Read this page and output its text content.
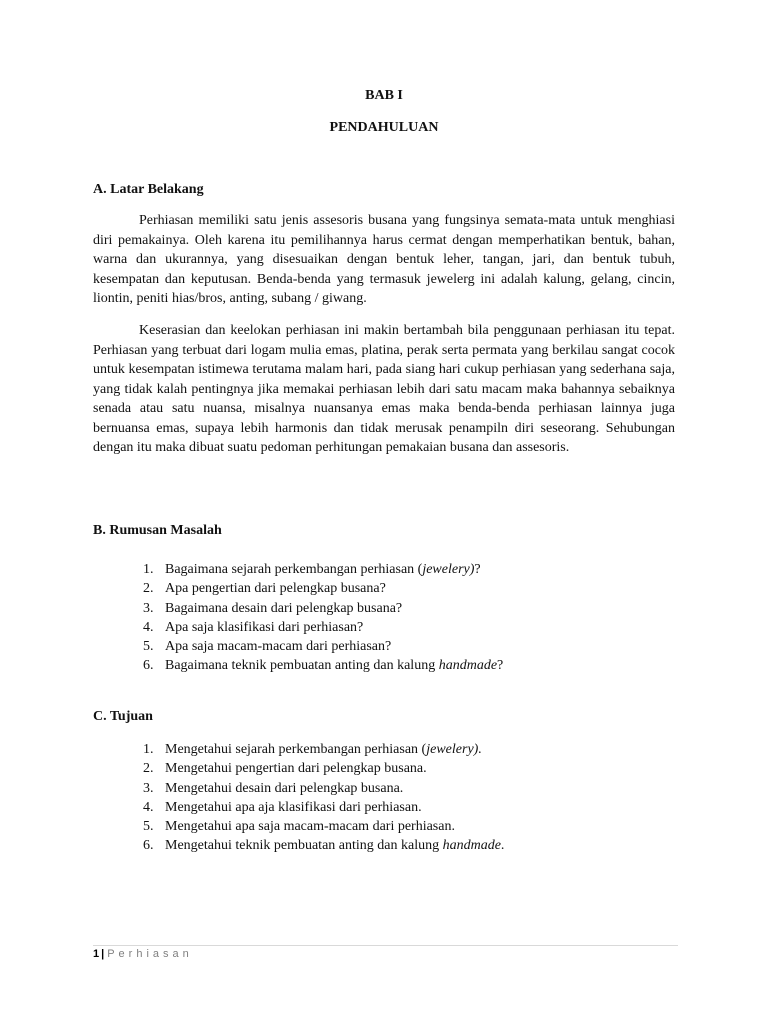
BAB I
PENDAHULUAN
A. Latar Belakang

Perhiasan memiliki satu jenis assesoris busana yang fungsinya semata-mata untuk menghiasi diri pemakainya. Oleh karena itu pemilihannya harus cermat dengan memperhatikan bentuk, bahan, warna dan ukurannya, yang disesuaikan dengan bentuk leher, tangan, jari, dan bentuk tubuh, kesempatan dan keputusan. Benda-benda yang termasuk jewelerg ini adalah kalung, gelang, cincin, liontin, peniti hias/bros, anting, subang / giwang.

Keserasian dan keelokan perhiasan ini makin bertambah bila penggunaan perhiasan itu tepat. Perhiasan yang terbuat dari logam mulia emas, platina, perak serta permata yang berkilau sangat cocok untuk kesempatan istimewa terutama malam hari, pada siang hari cukup perhiasan yang sederhana saja, yang tidak kalah pentingnya jika memakai perhiasan lebih dari satu macam maka bahannya sebaiknya senada atau satu nuansa, misalnya nuansanya emas maka benda-benda perhiasan lainnya juga bernuansa emas, supaya lebih harmonis dan tidak merusak penampiln diri seseorang. Sehubungan dengan itu maka dibuat suatu pedoman perhitungan pemakaian busana dan assesoris.

B. Rumusan Masalah
1. Bagaimana sejarah perkembangan perhiasan (jewelery)?
2. Apa pengertian dari pelengkap busana?
3. Bagaimana desain dari pelengkap busana?
4. Apa saja klasifikasi dari perhiasan?
5. Apa saja macam-macam dari perhiasan?
6. Bagaimana teknik pembuatan anting dan kalung handmade?
C. Tujuan
1. Mengetahui sejarah perkembangan perhiasan (jewelery).
2. Mengetahui pengertian dari pelengkap busana.
3. Mengetahui desain dari pelengkap busana.
4. Mengetahui apa aja klasifikasi dari perhiasan.
5. Mengetahui apa saja macam-macam dari perhiasan.
6. Mengetahui teknik pembuatan anting dan kalung handmade.
1 | Perhiasan
